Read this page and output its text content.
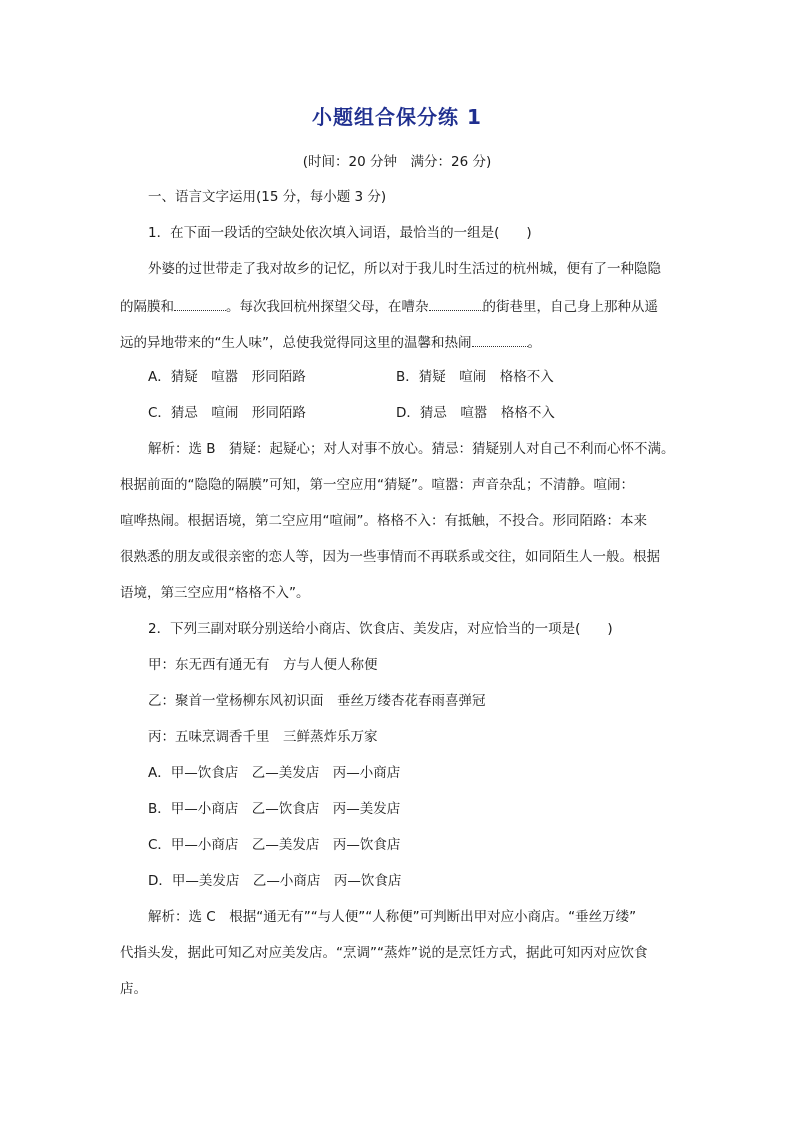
小题组合保分练 1
(时间：20 分钟　满分：26 分)
一、语言文字运用(15 分，每小题 3 分)
1．在下面一段话的空缺处依次填入词语，最恰当的一组是(　　)
外婆的过世带走了我对故乡的记忆，所以对于我儿时生活过的杭州城，便有了一种隐隐
的隔膜和	。每次我回杭州探望父母，在嘈杂	的街巷里，自己身上那种从遥
远的异地带来的“生人味”，总使我觉得同这里的温馨和热闹	。
A．猜疑　喧嚣　形同陌路	B．猜疑　喧闹　格格不入
C．猜忌　喧闹　形同陌路	D．猜忌　喧嚣　格格不入
解析：选 B　猜疑：起疑心；对人对事不放心。猜忌：猜疑别人对自己不利而心怀不满。
根据前面的“隐隐的隔膜”可知，第一空应用“猜疑”。喧嚣：声音杂乱；不清静。喧闹：
喧哗热闹。根据语境，第二空应用“喧闹”。格格不入：有抵触，不投合。形同陌路：本来
很熟悉的朋友或很亲密的恋人等，因为一些事情而不再联系或交往，如同陌生人一般。根据
语境，第三空应用“格格不入”。
2．下列三副对联分别送给小商店、饮食店、美发店，对应恰当的一项是(　　)
甲：东无西有通无有　方与人便人称便
乙：聚首一堂杨柳东风初识面　垂丝万缕杏花春雨喜弹冠
丙：五味烹调香千里　三鲜蒸炸乐万家
A．甲—饮食店　乙—美发店　丙—小商店
B．甲—小商店　乙—饮食店　丙—美发店
C．甲—小商店　乙—美发店　丙—饮食店
D．甲—美发店　乙—小商店　丙—饮食店
解析：选 C　根据“通无有”“与人便”“人称便”可判断出甲对应小商店。“垂丝万缕”
代指头发，据此可知乙对应美发店。“烹调”“蒸炸”说的是烹饪方式，据此可知丙对应饮食
店。
